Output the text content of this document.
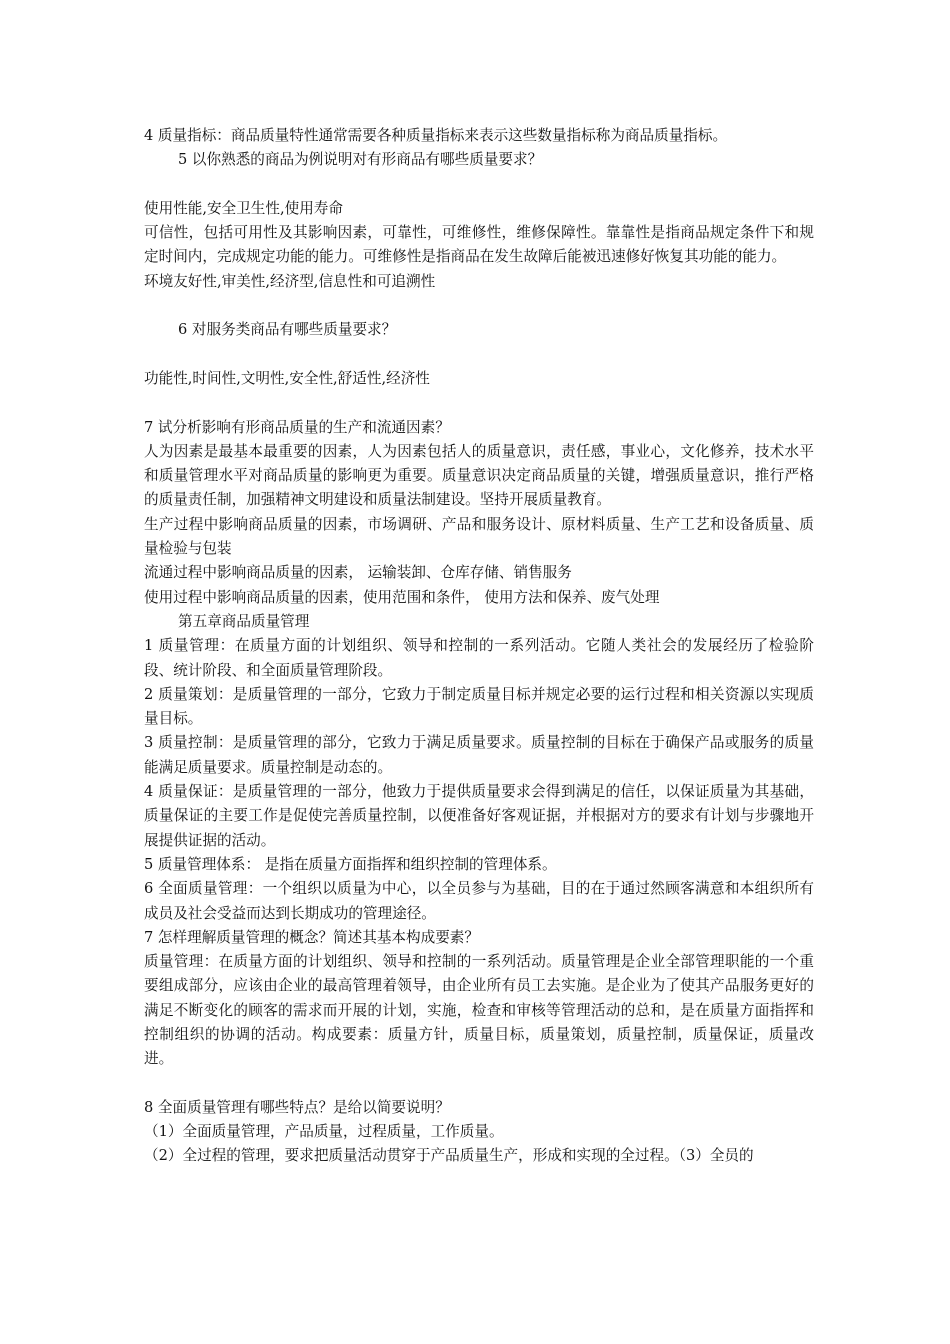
4 质量指标：商品质量特性通常需要各种质量指标来表示这些数量指标称为商品质量指标。

5 以你熟悉的商品为例说明对有形商品有哪些质量要求？

使用性能,安全卫生性,使用寿命

可信性，包括可用性及其影响因素，可靠性，可维修性，维修保障性。靠靠性是指商品规定条件下和规定时间内，完成规定功能的能力。可维修性是指商品在发生故障后能被迅速修好恢复其功能的能力。

环境友好性,审美性,经济型,信息性和可追溯性

6 对服务类商品有哪些质量要求？

功能性,时间性,文明性,安全性,舒适性,经济性

7 试分析影响有形商品质量的生产和流通因素？

人为因素是最基本最重要的因素，人为因素包括人的质量意识，责任感，事业心，文化修养，技术水平和质量管理水平对商品质量的影响更为重要。质量意识决定商品质量的关键，增强质量意识，推行严格的质量责任制，加强精神文明建设和质量法制建设。坚持开展质量教育。

生产过程中影响商品质量的因素，市场调研、产品和服务设计、原材料质量、生产工艺和设备质量、质量检验与包装

流通过程中影响商品质量的因素， 运输装卸、仓库存储、销售服务

使用过程中影响商品质量的因素，使用范围和条件， 使用方法和保养、废气处理

第五章商品质量管理

1 质量管理：在质量方面的计划组织、领导和控制的一系列活动。它随人类社会的发展经历了检验阶段、统计阶段、和全面质量管理阶段。

2 质量策划：是质量管理的一部分，它致力于制定质量目标并规定必要的运行过程和相关资源以实现质量目标。

3 质量控制：是质量管理的部分，它致力于满足质量要求。质量控制的目标在于确保产品或服务的质量能满足质量要求。质量控制是动态的。

4 质量保证：是质量管理的一部分，他致力于提供质量要求会得到满足的信任，以保证质量为其基础，质量保证的主要工作是促使完善质量控制，以便准备好客观证据，并根据对方的要求有计划与步骤地开展提供证据的活动。

5 质量管理体系： 是指在质量方面指挥和组织控制的管理体系。

6 全面质量管理：一个组织以质量为中心，以全员参与为基础，目的在于通过然顾客满意和本组织所有成员及社会受益而达到长期成功的管理途径。

7 怎样理解质量管理的概念？简述其基本构成要素？

质量管理：在质量方面的计划组织、领导和控制的一系列活动。质量管理是企业全部管理职能的一个重要组成部分，应该由企业的最高管理着领导，由企业所有员工去实施。是企业为了使其产品服务更好的满足不断变化的顾客的需求而开展的计划，实施，检查和审核等管理活动的总和，是在质量方面指挥和控制组织的协调的活动。构成要素：质量方针，质量目标，质量策划，质量控制，质量保证，质量改进。

8 全面质量管理有哪些特点？是给以简要说明？

（1）全面质量管理，产品质量，过程质量，工作质量。

（2）全过程的管理，要求把质量活动贯穿于产品质量生产，形成和实现的全过程。（3）全员的
